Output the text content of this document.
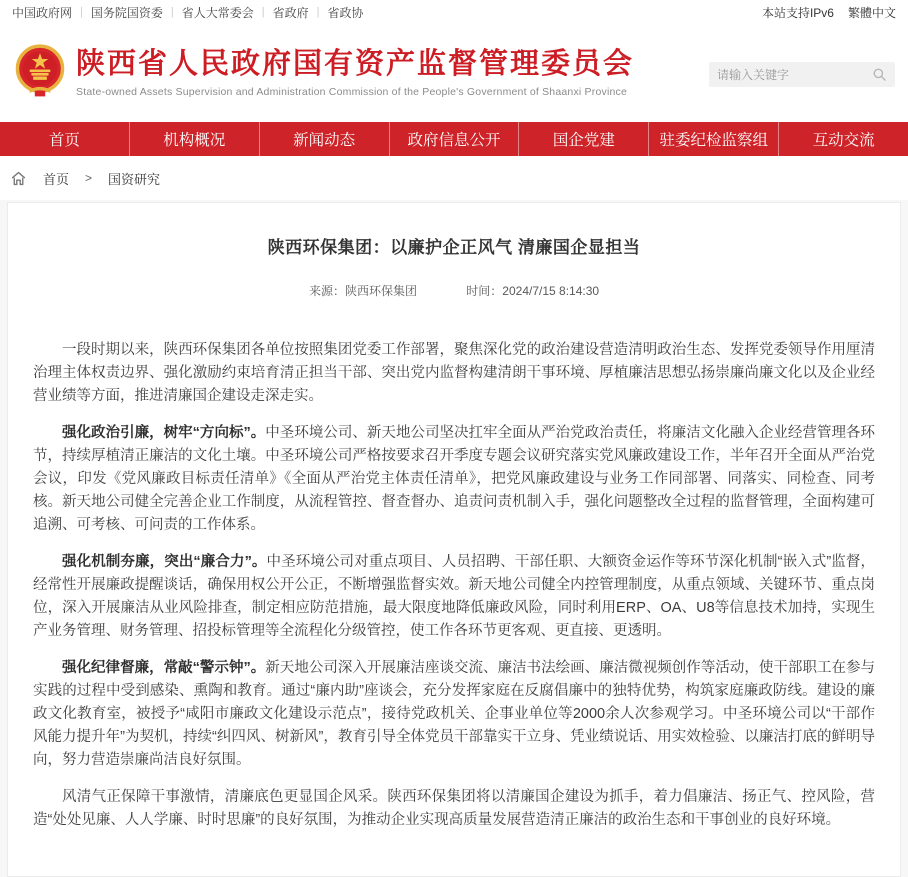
中国政府网 | 国务院国资委 | 省人大常委会 | 省政府 | 省政协	本站支持IPv6 繁體中文
陕西省人民政府国有资产监督管理委员会
State-owned Assets Supervision and Administration Commission of the People's Government of Shaanxi Province
请输入关键字
首页	机构概况	新闻动态	政府信息公开	国企党建	驻委纪检监察组	互动交流
首页 > 国资研究
陕西环保集团：以廉护企正风气 清廉国企显担当
来源：陕西环保集团	时间：2024/7/15 8:14:30

一段时期以来，陕西环保集团各单位按照集团党委工作部署，聚焦深化党的政治建设营造清明政治生态、发挥党委领导作用厘清治理主体权责边界、强化激励约束培育清正担当干部、突出党内监督构建清朗干事环境、厚植廉洁思想弘扬崇廉尚廉文化以及企业经营业绩等方面，推进清廉国企建设走深走实。

强化政治引廉，树牢“方向标”。中圣环境公司、新天地公司坚决扛牢全面从严治党政治责任，将廉洁文化融入企业经营管理各环节，持续厚植清正廉洁的文化土壤。中圣环境公司严格按要求召开季度专题会议研究落实党风廉政建设工作，半年召开全面从严治党会议，印发《党风廉政目标责任清单》《全面从严治党主体责任清单》，把党风廉政建设与业务工作同部署、同落实、同检查、同考核。新天地公司健全完善企业工作制度，从流程管控、督查督办、追责问责机制入手，强化问题整改全过程的监督管理，全面构建可追溯、可考核、可问责的工作体系。

强化机制夯廉，突出“廉合力”。中圣环境公司对重点项目、人员招聘、干部任职、大额资金运作等环节深化机制“嵌入式”监督，经常性开展廉政提醒谈话，确保用权公开公正，不断增强监督实效。新天地公司健全内控管理制度，从重点领域、关键环节、重点岗位，深入开展廉洁从业风险排查，制定相应防范措施，最大限度地降低廉政风险，同时利用ERP、OA、U8等信息技术加持，实现生产业务管理、财务管理、招投标管理等全流程化分级管控，使工作各环节更客观、更直接、更透明。

强化纪律督廉，常敲“警示钟”。新天地公司深入开展廉洁座谈交流、廉洁书法绘画、廉洁微视频创作等活动，使干部职工在参与实践的过程中受到感染、熏陶和教育。通过“廉内助”座谈会，充分发挥家庭在反腐倡廉中的独特优势，构筑家庭廉政防线。建设的廉政文化教育室，被授予“咸阳市廉政文化建设示范点”，接待党政机关、企事业单位等2000余人次参观学习。中圣环境公司以“干部作风能力提升年”为契机，持续“纠四风、树新风”，教育引导全体党员干部靠实干立身、凭业绩说话、用实效检验、以廉洁打底的鲜明导向，努力营造崇廉尚洁良好氛围。

风清气正保障干事激情，清廉底色更显国企风采。陕西环保集团将以清廉国企建设为抓手，着力倡廉洁、扬正气、控风险，营造“处处见廉、人人学廉、时时思廉”的良好氛围，为推动企业实现高质量发展营造清正廉洁的政治生态和干事创业的良好环境。
